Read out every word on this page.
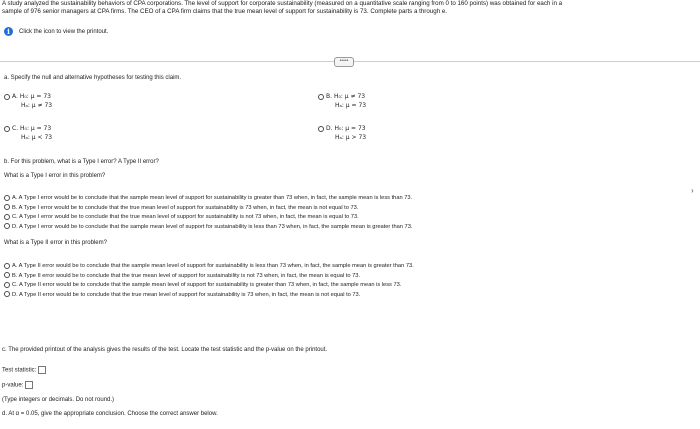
A study analyzed the sustainability behaviors of CPA corporations. The level of support for corporate sustainability (measured on a quantitative scale ranging from 0 to 160 points) was obtained for each in a
sample of 976 senior managers at CPA firms. The CEO of a CPA firm claims that the true mean level of support for sustainability is 73. Complete parts a through e.
i	Click the icon to view the printout.
•••••
a. Specify the null and alternative hypotheses for testing this claim.
A. H₀: μ = 73
Hₐ: μ ≠ 73
B. H₀: μ ≠ 73
Hₐ: μ = 73
C. H₀: μ = 73
Hₐ: μ < 73
D. H₀: μ = 73
Hₐ: μ > 73
b. For this problem, what is a Type I error? A Type II error?
What is a Type I error in this problem?
A. A Type I error would be to conclude that the sample mean level of support for sustainability is greater than 73 when, in fact, the sample mean is less than 73.
B. A Type I error would be to conclude that the true mean level of support for sustainability is 73 when, in fact, the mean is not equal to 73.
C. A Type I error would be to conclude that the true mean level of support for sustainability is not 73 when, in fact, the mean is equal to 73.
D. A Type I error would be to conclude that the sample mean level of support for sustainability is less than 73 when, in fact, the sample mean is greater than 73.
What is a Type II error in this problem?
A. A Type II error would be to conclude that the sample mean level of support for sustainability is less than 73 when, in fact, the sample mean is greater than 73.
B. A Type II error would be to conclude that the true mean level of support for sustainability is not 73 when, in fact, the mean is equal to 73.
C. A Type II error would be to conclude that the sample mean level of support for sustainability is greater than 73 when, in fact, the sample mean is less 73.
D. A Type II error would be to conclude that the true mean level of support for sustainability is 73 when, in fact, the mean is not equal to 73.
c. The provided printout of the analysis gives the results of the test. Locate the test statistic and the p-value on the printout.
Test statistic:
p-value:
(Type integers or decimals. Do not round.)
d. At α = 0.05, give the appropriate conclusion. Choose the correct answer below.
›
